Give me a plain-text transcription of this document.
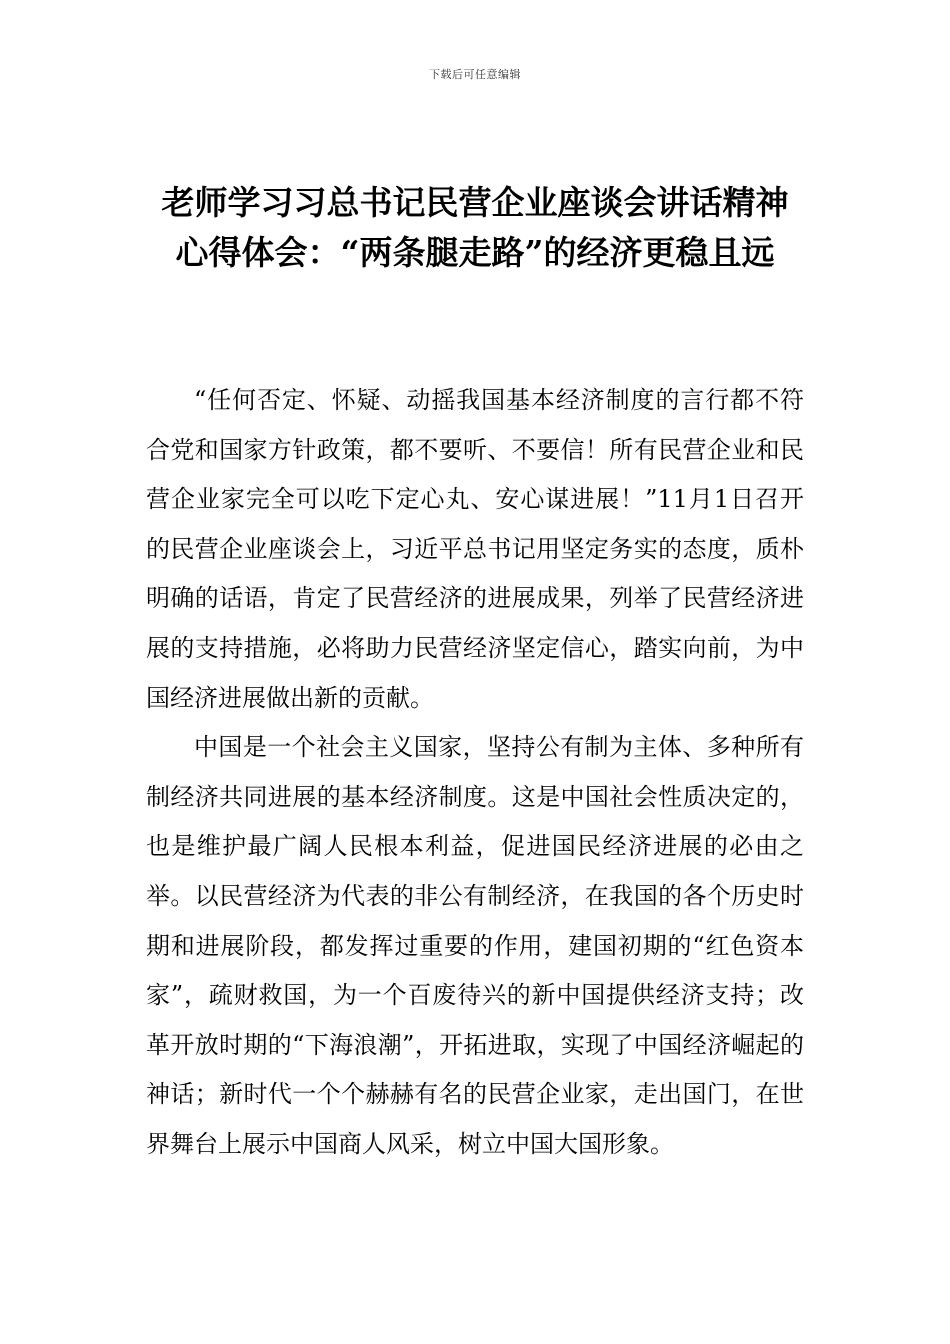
下载后可任意编辑
老师学习习总书记民营企业座谈会讲话精神心得体会：“两条腿走路”的经济更稳且远

“任何否定、怀疑、动摇我国基本经济制度的言行都不符合党和国家方针政策，都不要听、不要信！所有民营企业和民营企业家完全可以吃下定心丸、安心谋进展！”11月1日召开的民营企业座谈会上，习近平总书记用坚定务实的态度，质朴明确的话语，肯定了民营经济的进展成果，列举了民营经济进展的支持措施，必将助力民营经济坚定信心，踏实向前，为中国经济进展做出新的贡献。

中国是一个社会主义国家，坚持公有制为主体、多种所有制经济共同进展的基本经济制度。这是中国社会性质决定的，也是维护最广阔人民根本利益，促进国民经济进展的必由之举。以民营经济为代表的非公有制经济，在我国的各个历史时期和进展阶段，都发挥过重要的作用，建国初期的“红色资本家”，疏财救国，为一个百废待兴的新中国提供经济支持；改革开放时期的“下海浪潮”，开拓进取，实现了中国经济崛起的神话；新时代一个个赫赫有名的民营企业家，走出国门，在世界舞台上展示中国商人风采，树立中国大国形象。
